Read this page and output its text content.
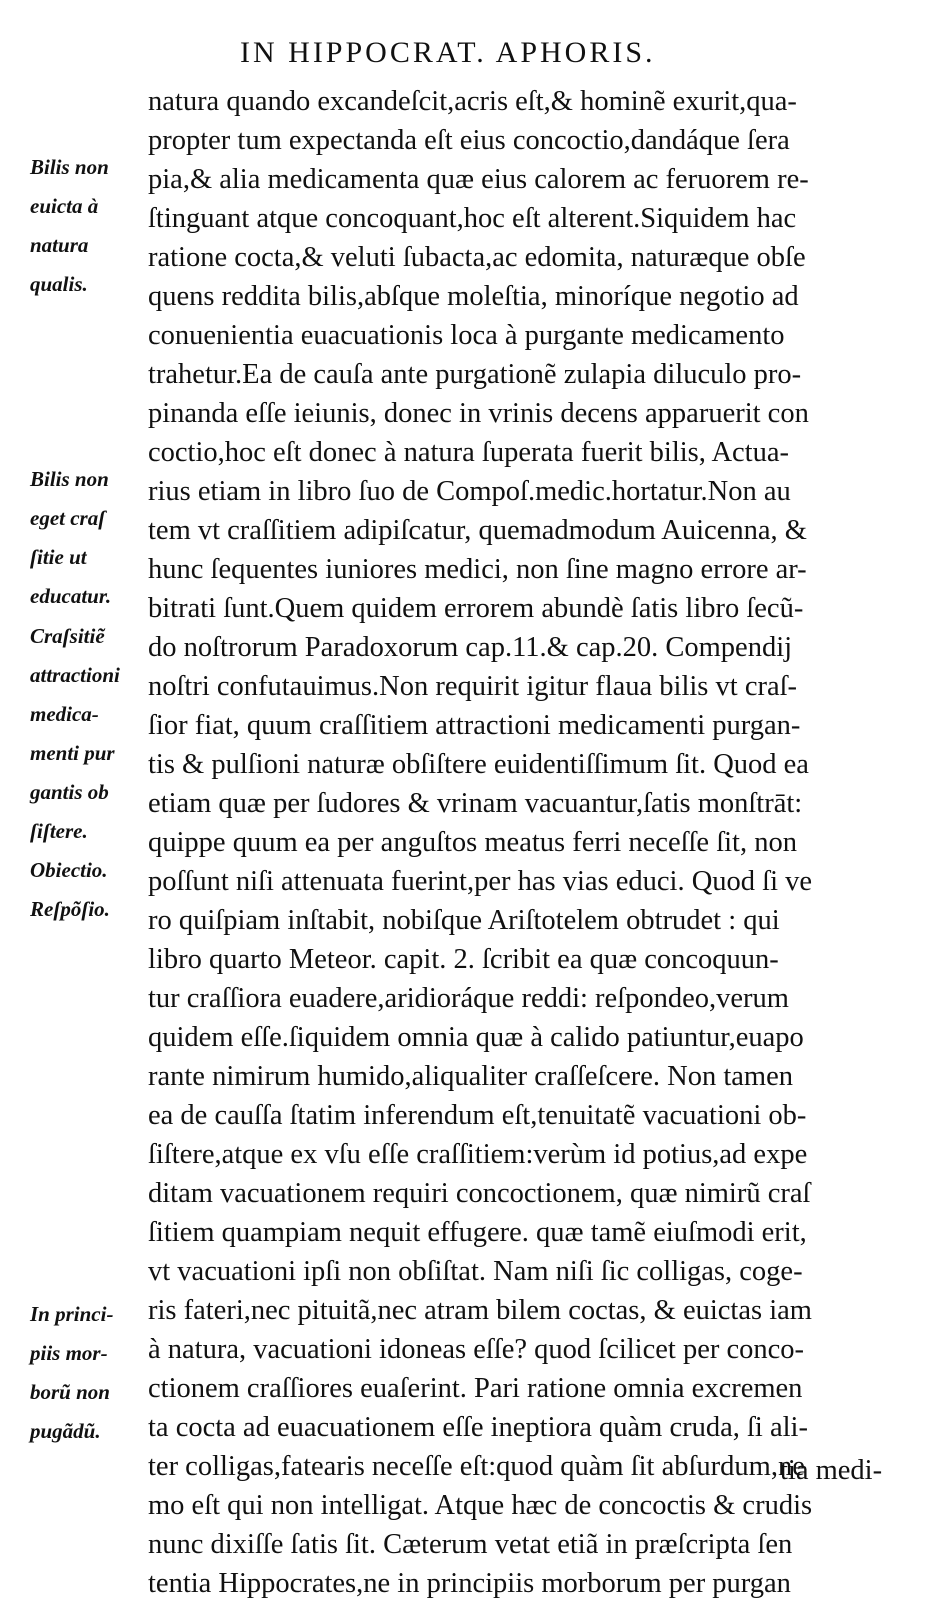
IN HIPPOCRAT. APHORIS.
natura quando excandeſcit,acris eſt,& hominẽ exurit,qua-
propter tum expectanda eſt eius concoctio,dandáque ſera
pia,& alia medicamenta quæ eius calorem ac feruorem re-
ſtinguant atque concoquant,hoc eſt alterent.Siquidem hac
ratione cocta,& veluti ſubacta,ac edomita, naturæque obſe
quens reddita bilis,abſque moleſtia, minoríque negotio ad
conuenientia euacuationis loca à purgante medicamento
trahetur.Ea de cauſa ante purgationẽ zulapia diluculo pro-
pinanda eſſe ieiunis, donec in vrinis decens apparuerit con
coctio,hoc eſt donec à natura ſuperata fuerit bilis, Actua-
rius etiam in libro ſuo de Compoſ.medic.hortatur.Non au
tem vt craſſitiem adipiſcatur, quemadmodum Auicenna, &
hunc ſequentes iuniores medici, non ſine magno errore ar-
bitrati ſunt.Quem quidem errorem abundè ſatis libro ſecũ-
do noſtrorum Paradoxorum cap.11.& cap.20. Compendij
noſtri confutauimus.Non requirit igitur flaua bilis vt craſ-
ſior fiat, quum craſſitiem attractioni medicamenti purgan-
tis & pulſioni naturæ obſiſtere euidentiſſimum ſit. Quod ea
etiam quæ per ſudores & vrinam vacuantur,ſatis monſtrāt:
quippe quum ea per anguſtos meatus ferri neceſſe ſit, non
poſſunt niſi attenuata fuerint,per has vias educi. Quod ſi ve
ro quiſpiam inſtabit, nobiſque Ariſtotelem obtrudet : qui
libro quarto Meteor. capit. 2. ſcribit ea quæ concoquun-
tur craſſiora euadere,aridioráque reddi: reſpondeo,verum
quidem eſſe.ſiquidem omnia quæ à calido patiuntur,euapo
rante nimirum humido,aliqualiter craſſeſcere. Non tamen
ea de cauſſa ſtatim inferendum eſt,tenuitatẽ vacuationi ob-
ſiſtere,atque ex vſu eſſe craſſitiem:verùm id potius,ad expe
ditam vacuationem requiri concoctionem, quæ nimirũ craſ
ſitiem quampiam nequit effugere. quæ tamẽ eiuſmodi erit,
vt vacuationi ipſi non obſiſtat. Nam niſi ſic colligas, coge-
ris fateri,nec pituitã,nec atram bilem coctas, & euictas iam
à natura, vacuationi idoneas eſſe? quod ſcilicet per conco-
ctionem craſſiores euaſerint. Pari ratione omnia excremen
ta cocta ad euacuationem eſſe ineptiora quàm cruda, ſi ali-
ter colligas,fatearis neceſſe eſt:quod quàm ſit abſurdum,ne
mo eſt qui non intelligat. Atque hæc de concoctis & crudis
nunc dixiſſe ſatis ſit. Cæterum vetat etiã in præſcripta ſen
tentia Hippocrates,ne in principiis morborum per purgan
tia medi-
Bilis non
euicta à
natura
qualis.
Bilis non
eget craſ
ſitie ut
educatur.
Craſsitiẽ
attractioni
medica-
menti pur
gantis ob
ſiſtere.
Obiectio.
Reſpõſio.
In princi-
piis mor-
borũ non
pugãdũ.
